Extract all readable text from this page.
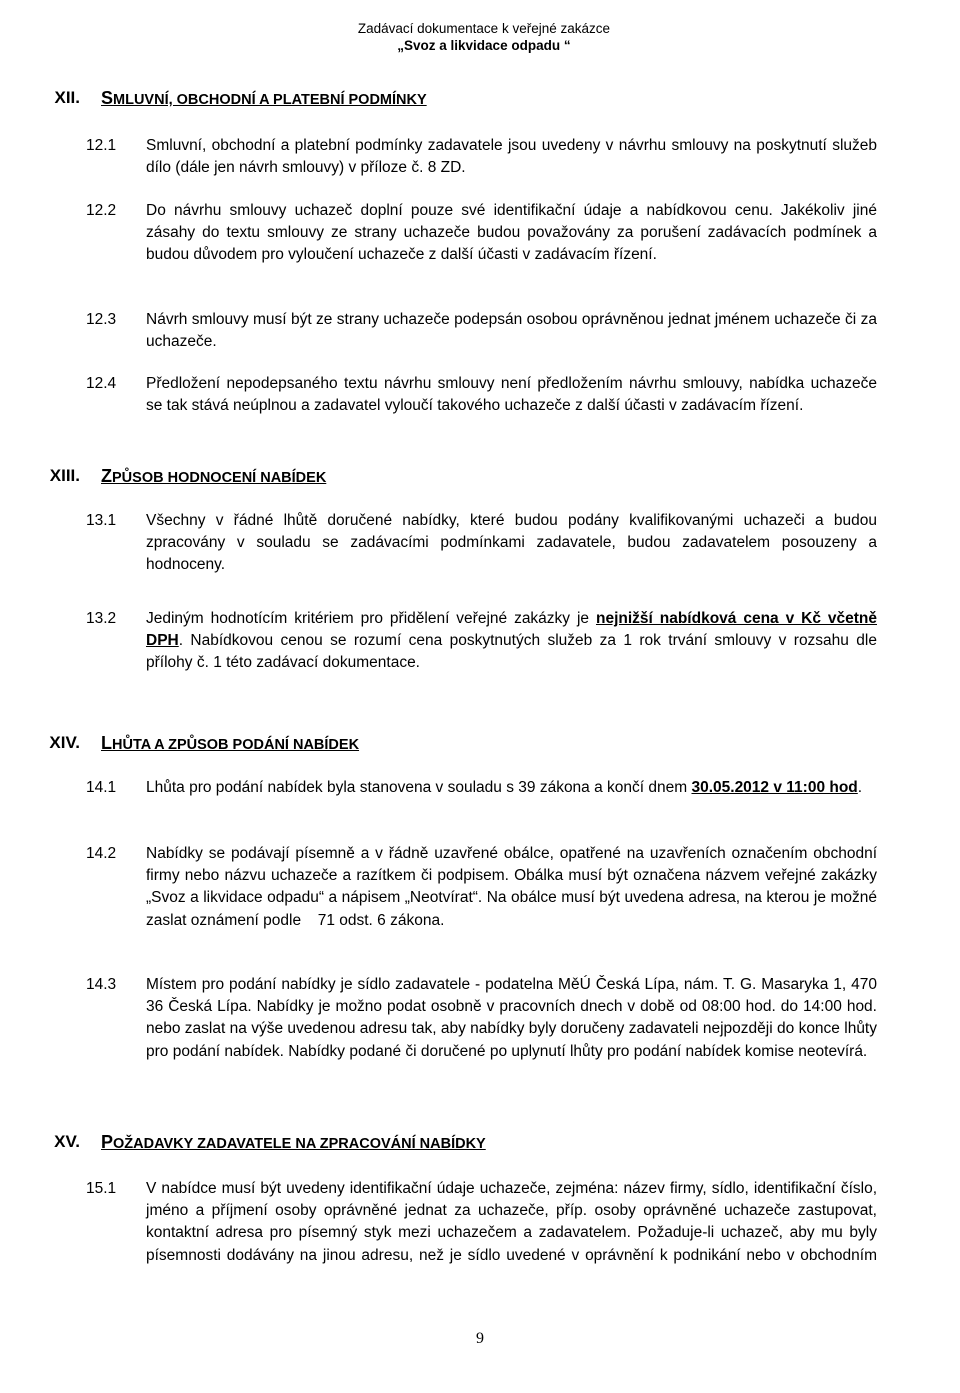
Zadávací dokumentace k veřejné zakázce
„Svoz a likvidace odpadu “
XII. SMLUVNÍ, OBCHODNÍ A PLATEBNÍ PODMÍNKY
12.1	Smluvní, obchodní a platební podmínky zadavatele jsou uvedeny v návrhu smlouvy na poskytnutí služeb dílo (dále jen návrh smlouvy) v příloze č. 8 ZD.
12.2	Do návrhu smlouvy uchazeč doplní pouze své identifikační údaje a nabídkovou cenu. Jakékoliv jiné zásahy do textu smlouvy ze strany uchazeče budou považovány za porušení zadávacích podmínek a budou důvodem pro vyloučení uchazeče z další účasti v zadávacím řízení.
12.3	Návrh smlouvy musí být ze strany uchazeče podepsán osobou oprávněnou jednat jménem uchazeče či za uchazeče.
12.4	Předložení nepodepsaného textu návrhu smlouvy není předložením návrhu smlouvy, nabídka uchazeče se tak stává neúplnou a zadavatel vyloučí takového uchazeče z další účasti v zadávacím řízení.
XIII. ZPŮSOB HODNOCENÍ NABÍDEK
13.1	Všechny v řádné lhůtě doručené nabídky, které budou podány kvalifikovanými uchazeči a budou zpracovány v souladu se zadávacími podmínkami zadavatele, budou zadavatelem posouzeny a hodnoceny.
13.2	Jediným hodnotícím kritériem pro přidělení veřejné zakázky je nejnižší nabídková cena v Kč včetně DPH. Nabídkovou cenou se rozumí cena poskytnutých služeb za 1 rok trvání smlouvy v rozsahu dle přílohy č. 1 této zadávací dokumentace.
XIV. LHŮTA A ZPŮSOB PODÁNÍ NABÍDEK
14.1	Lhůta pro podání nabídek byla stanovena v souladu s 39 zákona a končí dnem 30.05.2012 v 11:00 hod.
14.2	Nabídky se podávají písemně a v řádně uzavřené obálce, opatřené na uzavřeních označením obchodní firmy nebo názvu uchazeče a razítkem či podpisem. Obálka musí být označena názvem veřejné zakázky „Svoz a likvidace odpadu“ a nápisem „Neotvírat“. Na obálce musí být uvedena adresa, na kterou je možné zaslat oznámení podle  71 odst. 6 zákona.
14.3	Místem pro podání nabídky je sídlo zadavatele - podatelna MěÚ Česká Lípa, nám. T. G. Masaryka 1, 470 36 Česká Lípa. Nabídky je možno podat osobně v pracovních dnech v době od 08:00 hod. do 14:00 hod. nebo zaslat na výše uvedenou adresu tak, aby nabídky byly doručeny zadavateli nejpozději do konce lhůty pro podání nabídek. Nabídky podané či doručené po uplynutí lhůty pro podání nabídek komise neotevírá.
XV. POŽADAVKY ZADAVATELE NA ZPRACOVÁNÍ NABÍDKY
15.1	V nabídce musí být uvedeny identifikační údaje uchazeče, zejména: název firmy, sídlo, identifikační číslo, jméno a příjmení osoby oprávněné jednat za uchazeče, příp. osoby oprávněné uchazeče zastupovat, kontaktní adresa pro písemný styk mezi uchazečem a zadavatelem. Požaduje-li uchazeč, aby mu byly písemnosti dodávány na jinou adresu, než je sídlo uvedené v oprávnění k podnikání nebo v obchodním
9
